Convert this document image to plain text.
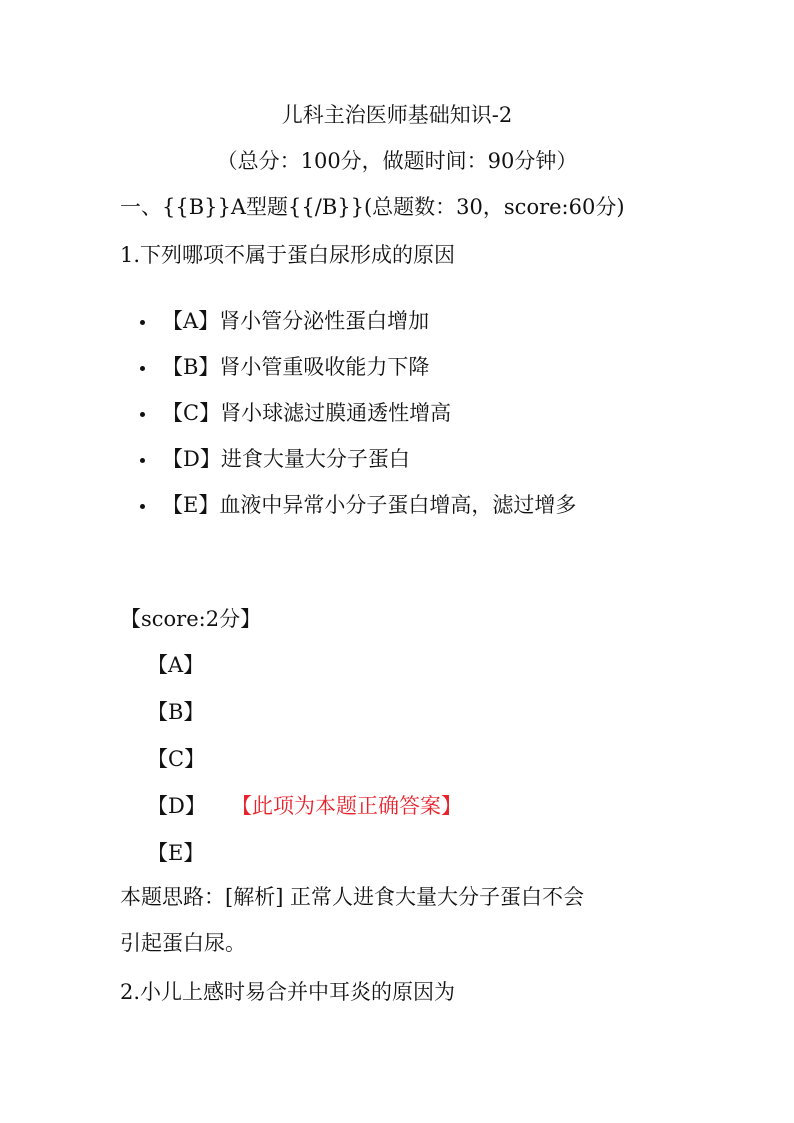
儿科主治医师基础知识-2
（总分：100分，做题时间：90分钟）
一、{{B}}A型题{{/B}}(总题数：30，score:60分)
1.下列哪项不属于蛋白尿形成的原因
【A】肾小管分泌性蛋白增加
【B】肾小管重吸收能力下降
【C】肾小球滤过膜通透性增高
【D】进食大量大分子蛋白
【E】血液中异常小分子蛋白增高，滤过增多
【score:2分】
【A】
【B】
【C】
【D】 【此项为本题正确答案】
【E】
本题思路：[解析] 正常人进食大量大分子蛋白不会
引起蛋白尿。
2.小儿上感时易合并中耳炎的原因为
